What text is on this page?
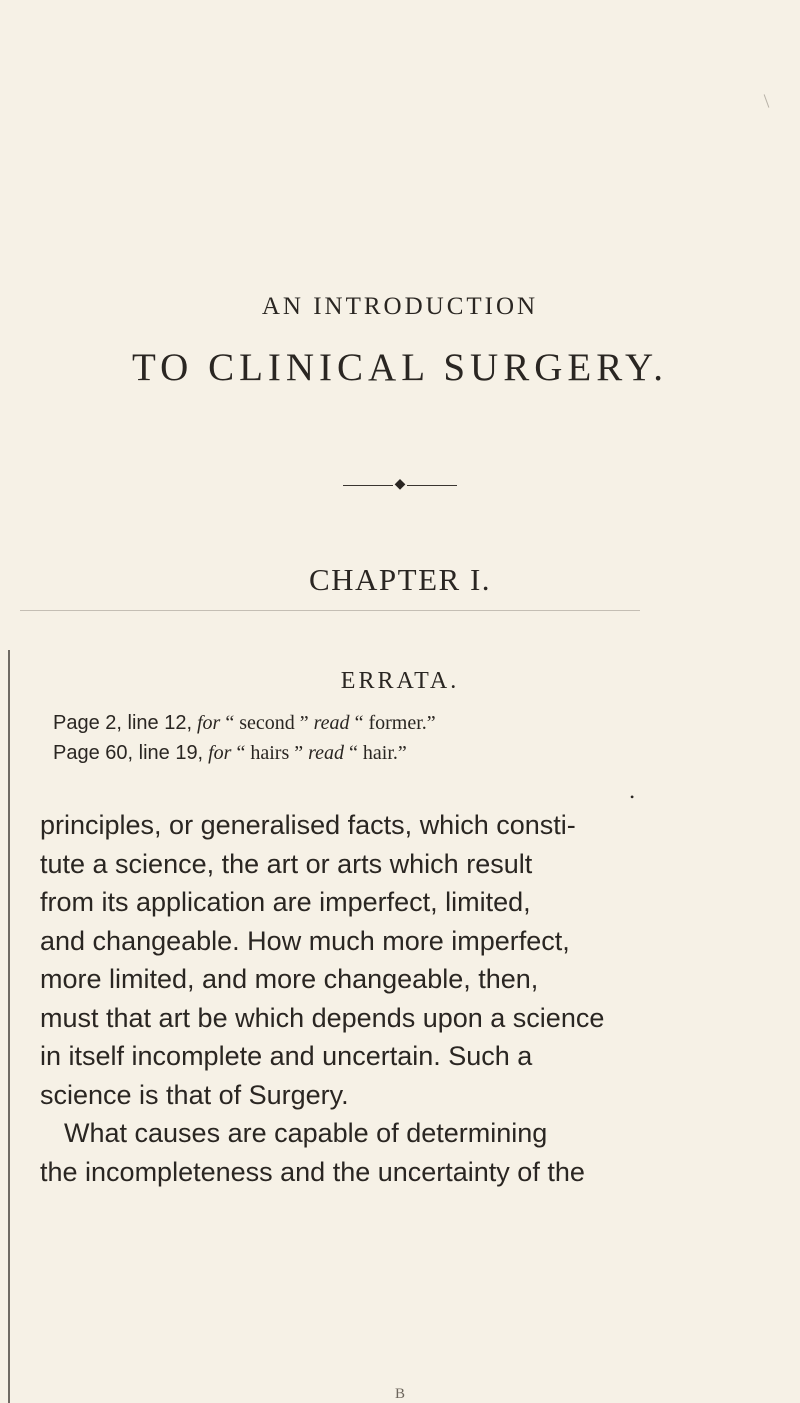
AN INTRODUCTION
TO CLINICAL SURGERY.
◆
CHAPTER I.
ERRATA.
Page 2, line 12, for “ second ” read “ former.”
Page 60, line 19, for “ hairs ” read “ hair.”
•

principles, or generalised facts, which consti-
tute a science, the art or arts which result
from its application are imperfect, limited,
and changeable. How much more imperfect,
more limited, and more changeable, then,
must that art be which depends upon a science
in itself incomplete and uncertain. Such a
science is that of Surgery.
What causes are capable of determining
the incompleteness and the uncertainty of the

B
